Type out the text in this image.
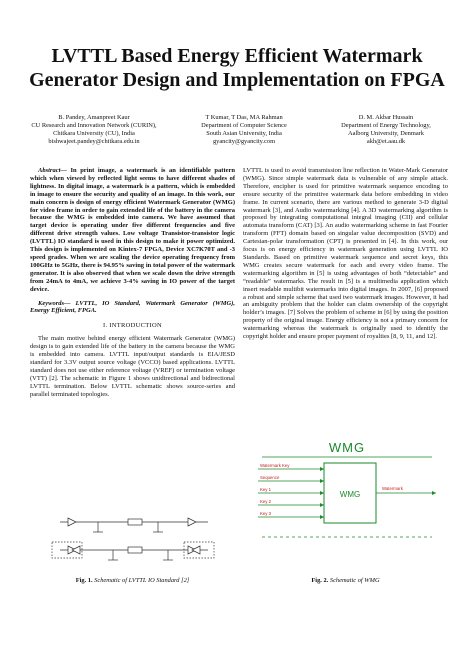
LVTTL Based Energy Efficient Watermark
Generator Design and Implementation on FPGA
B. Pandey, Amanpreet Kaur
CU Research and Innovation Network (CURIN),
Chitkara University (CU), India
bishwajeet.pandey@chitkara.edu.in
T Kumar, T Das, MA Rahman
Department of Computer Science
South Asian University, India
gyancity@gyancity.com
D. M. Akbar Hussain
Department of Energy Technology,
Aalborg University, Denmark
akh@et.aau.dk

Abstract— In print image, a watermark is an identifiable pattern which when viewed by reflected light seems to have different shades of lightness. In digital image, a watermark is a pattern, which is embedded in image to ensure the security and quality of an image. In this work, our main concern is design of energy efficient Watermark Generator (WMG) for video frame in order to gain extended life of the battery in the camera because the WMG is embedded into camera. We have assumed that target device is operating under five different frequencies and five different drive strength values. Low voltage Transistor-transistor logic (LVTTL) IO standard is used in this design to make it power optimized. This design is implemented on Kintex-7 FPGA, Device XC7K70T and -3 speed grades. When we are scaling the device operating frequency from 100GHz to 5GHz, there is 94.95% saving in total power of the watermark generator. It is also observed that when we scale down the drive strength from 24mA to 4mA, we achieve 3-4% saving in IO power of the target device.

Keywords— LVTTL, IO Standard, Watermark Generator (WMG), Energy Efficient, FPGA.

I. INTRODUCTION

The main motive behind energy efficient Watermark Generator (WMG) design is to gain extended life of the battery in the camera because the WMG is embedded into camera. LVTTL input/output standards is EIA/JESD standard for 3.3V output source voltage (VCCO) based applications. LVTTL standard does not use either reference voltage (VREF) or termination voltage (VTT) [2]. The schematic in Figure 1 shows unidirectional and bidirectional LVTTL termination. Below LVTTL schematic shows source-series and parallel terminated topologies.

Fig. 1. Schematic of LVTTL IO Standard [2]

LVTTL is used to avoid transmission line reflection in Water-Mark Generator (WMG). Since simple watermark data is vulnerable of any simple attack. Therefore, encipher is used for primitive watermark sequence encoding to ensure security of the primitive watermark data before embedding in video frame. In current scenario, there are various method to generate 3-D digital watermark [3], and Audio watermarking [4]. A 3D watermarking algorithm is proposed by integrating computational integral imaging (CII) and cellular automata transform (CAT) [3]. An audio watermarking scheme in fast Fourier transform (FFT) domain based on singular value decomposition (SVD) and Cartesian-polar transformation (CPT) is presented in [4]. In this work, our focus is on energy efficiency in watermark generation using LVTTL IO Standards. Based on primitive watermark sequence and secret keys, this WMG creates secure watermark for each and every video frame. The watermarking algorithm in [5] is using advantages of both “detectable” and “readable” watermarks. The result in [5] is a multimedia application which insert readable multibit watermarks into digital images. In 2007, [6] proposed a robust and simple scheme that used two watermark images. However, it had an ambiguity problem that the holder can claim ownership of the copyright holder’s images. [7] Solves the problem of scheme in [6] by using the position property of the original image. Energy efficiency is not a primary concern for watermarking whereas the watermark is originally used to identify the copyright holder and ensure proper payment of royalties [8, 9, 11, and 12].

WMG
WMG
Watermark Key
Sequence
Key 1
Key 2
Key 3
Watermark
Fig. 2. Schematic of WMG
